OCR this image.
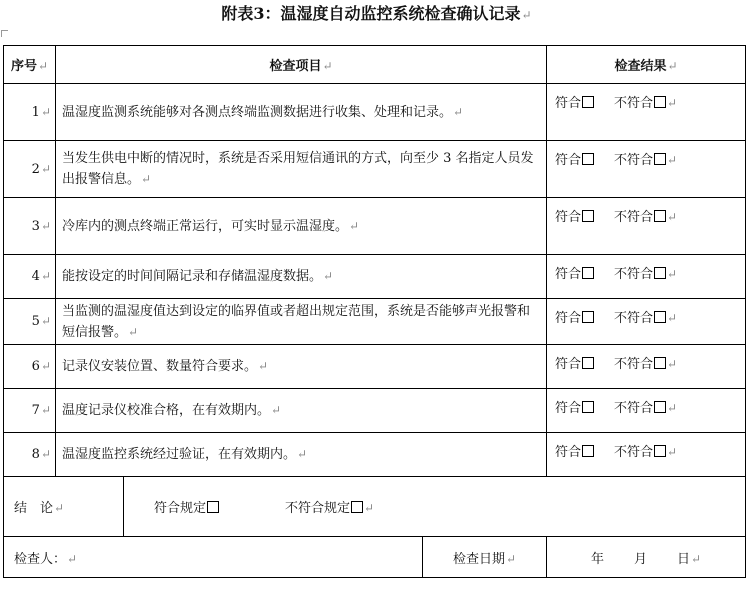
附表3：温湿度自动监控系统检查确认记录↵
序号↵	检查项目↵			检查结果↵
1↵	温湿度监测系统能够对各测点终端监测数据进行收集、处理和记录。↵			符合 不符合 ↵
2↵	当发生供电中断的情况时，系统是否采用短信通讯的方式，向至少 3 名指定人员发出报警信息。↵			符合 不符合 ↵
3↵	冷库内的测点终端正常运行，可实时显示温湿度。↵			符合 不符合 ↵
4↵	能按设定的时间间隔记录和存储温湿度数据。↵			符合 不符合 ↵
5↵	当监测的温湿度值达到设定的临界值或者超出规定范围，系统是否能够声光报警和短信报警。↵			符合 不符合 ↵
6↵	记录仪安装位置、数量符合要求。↵			符合 不符合 ↵
7↵	温度记录仪校准合格，在有效期内。↵			符合 不符合 ↵
8↵	温湿度监控系统经过验证，在有效期内。↵			符合 不符合 ↵
结　论↵		符合规定 不符合规定 ↵		
检查人：↵			检查日期↵	年 月 日↵
